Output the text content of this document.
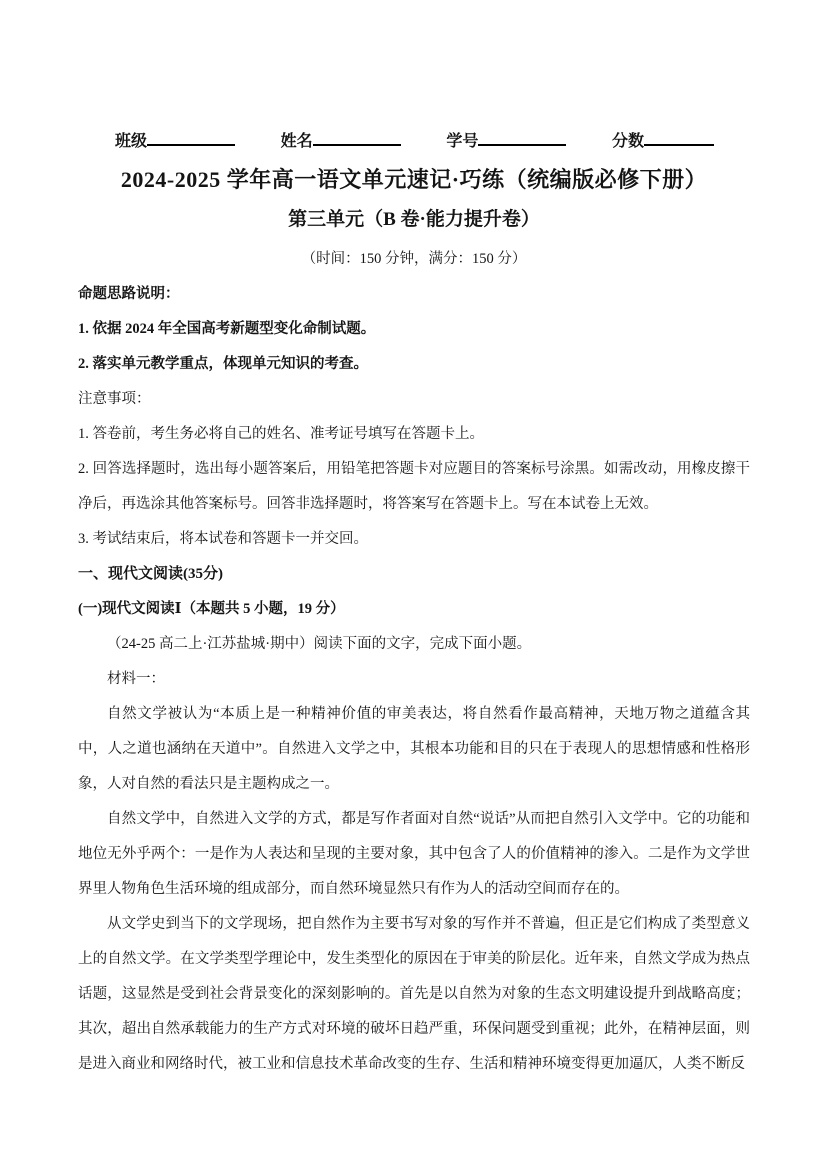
班级	姓名	学号	分数
2024-2025 学年高一语文单元速记·巧练（统编版必修下册）
第三单元（B 卷·能力提升卷）
（时间：150 分钟，满分：150 分）
命题思路说明：
1. 依据 2024 年全国高考新题型变化命制试题。
2. 落实单元教学重点，体现单元知识的考查。
注意事项：
1. 答卷前，考生务必将自己的姓名、准考证号填写在答题卡上。
2. 回答选择题时，选出每小题答案后，用铅笔把答题卡对应题目的答案标号涂黑。如需改动，用橡皮擦干净后，再选涂其他答案标号。回答非选择题时，将答案写在答题卡上。写在本试卷上无效。
3. 考试结束后，将本试卷和答题卡一并交回。
一、现代文阅读(35分)
(一)现代文阅读Ⅰ（本题共 5 小题，19 分）
（24-25 高二上·江苏盐城·期中）阅读下面的文字，完成下面小题。
材料一：
自然文学被认为“本质上是一种精神价值的审美表达，将自然看作最高精神，天地万物之道蕴含其中，人之道也涵纳在天道中”。自然进入文学之中，其根本功能和目的只在于表现人的思想情感和性格形象，人对自然的看法只是主题构成之一。
自然文学中，自然进入文学的方式，都是写作者面对自然“说话”从而把自然引入文学中。它的功能和地位无外乎两个：一是作为人表达和呈现的主要对象，其中包含了人的价值精神的渗入。二是作为文学世界里人物角色生活环境的组成部分，而自然环境显然只有作为人的活动空间而存在的。
从文学史到当下的文学现场，把自然作为主要书写对象的写作并不普遍，但正是它们构成了类型意义上的自然文学。在文学类型学理论中，发生类型化的原因在于审美的阶层化。近年来，自然文学成为热点话题，这显然是受到社会背景变化的深刻影响的。首先是以自然为对象的生态文明建设提升到战略高度；其次，超出自然承载能力的生产方式对环境的破坏日趋严重，环保问题受到重视；此外，在精神层面，则是进入商业和网络时代，被工业和信息技术革命改变的生存、生活和精神环境变得更加逼仄，人类不断反
